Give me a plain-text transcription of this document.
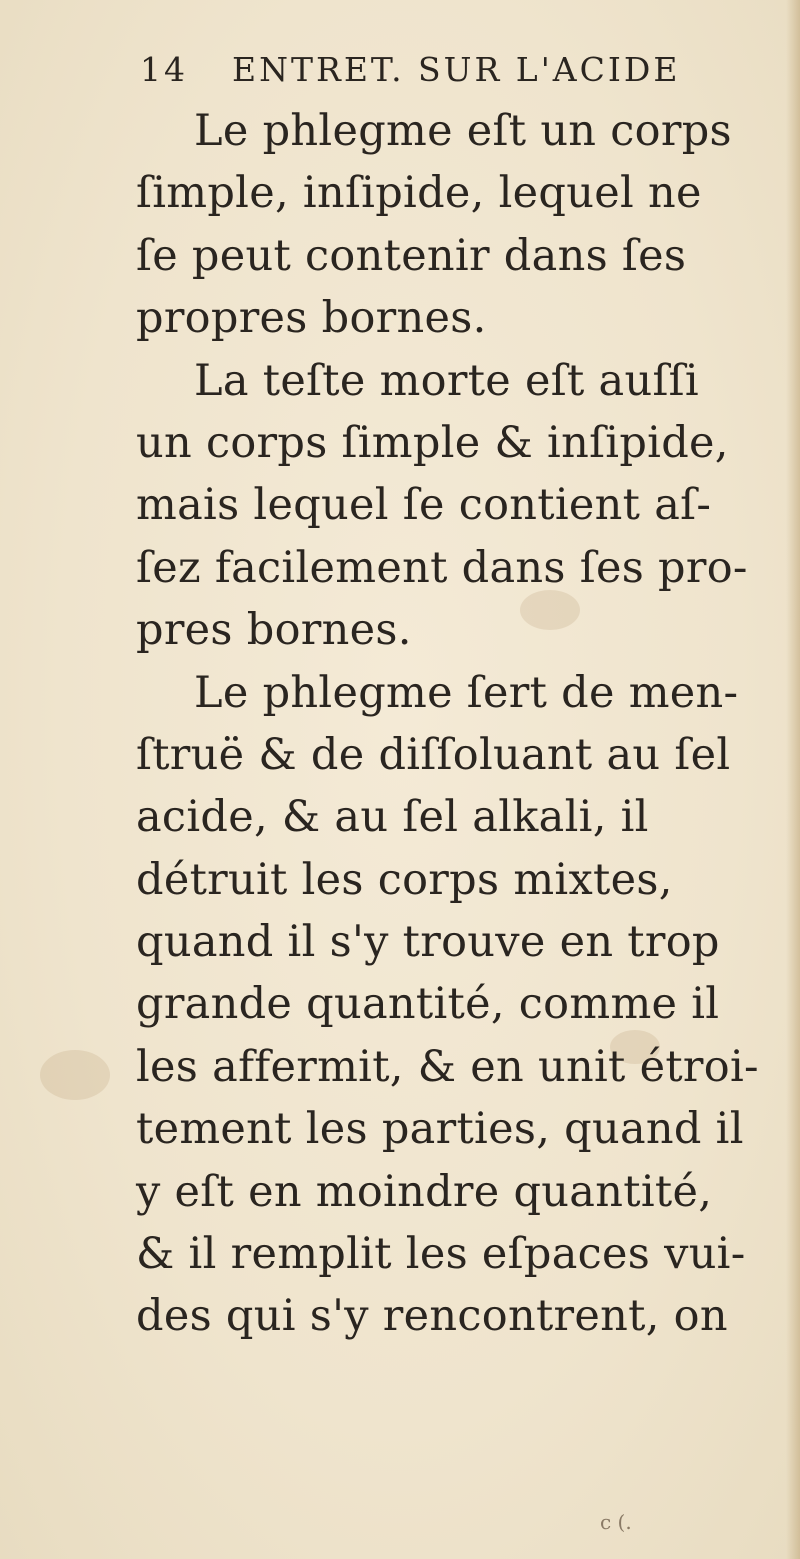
14 ENTRET. SUR L'ACIDE
Le phlegme eſt un corps
ſimple, inſipide, lequel ne
ſe peut contenir dans ſes
propres bornes.
La teſte morte eſt auſſi
un corps ſimple & inſipide,
mais lequel ſe contient aſ-
ſez facilement dans ſes pro-
pres bornes.
Le phlegme ſert de men-
ſtruë & de diſſoluant au ſel
acide, & au ſel alkali, il
détruit les corps mixtes,
quand il s'y trouve en trop
grande quantité, comme il
les affermit, & en unit étroi-
tement les parties, quand il
y eſt en moindre quantité,
& il remplit les eſpaces vui-
des qui s'y rencontrent, on
c (.
